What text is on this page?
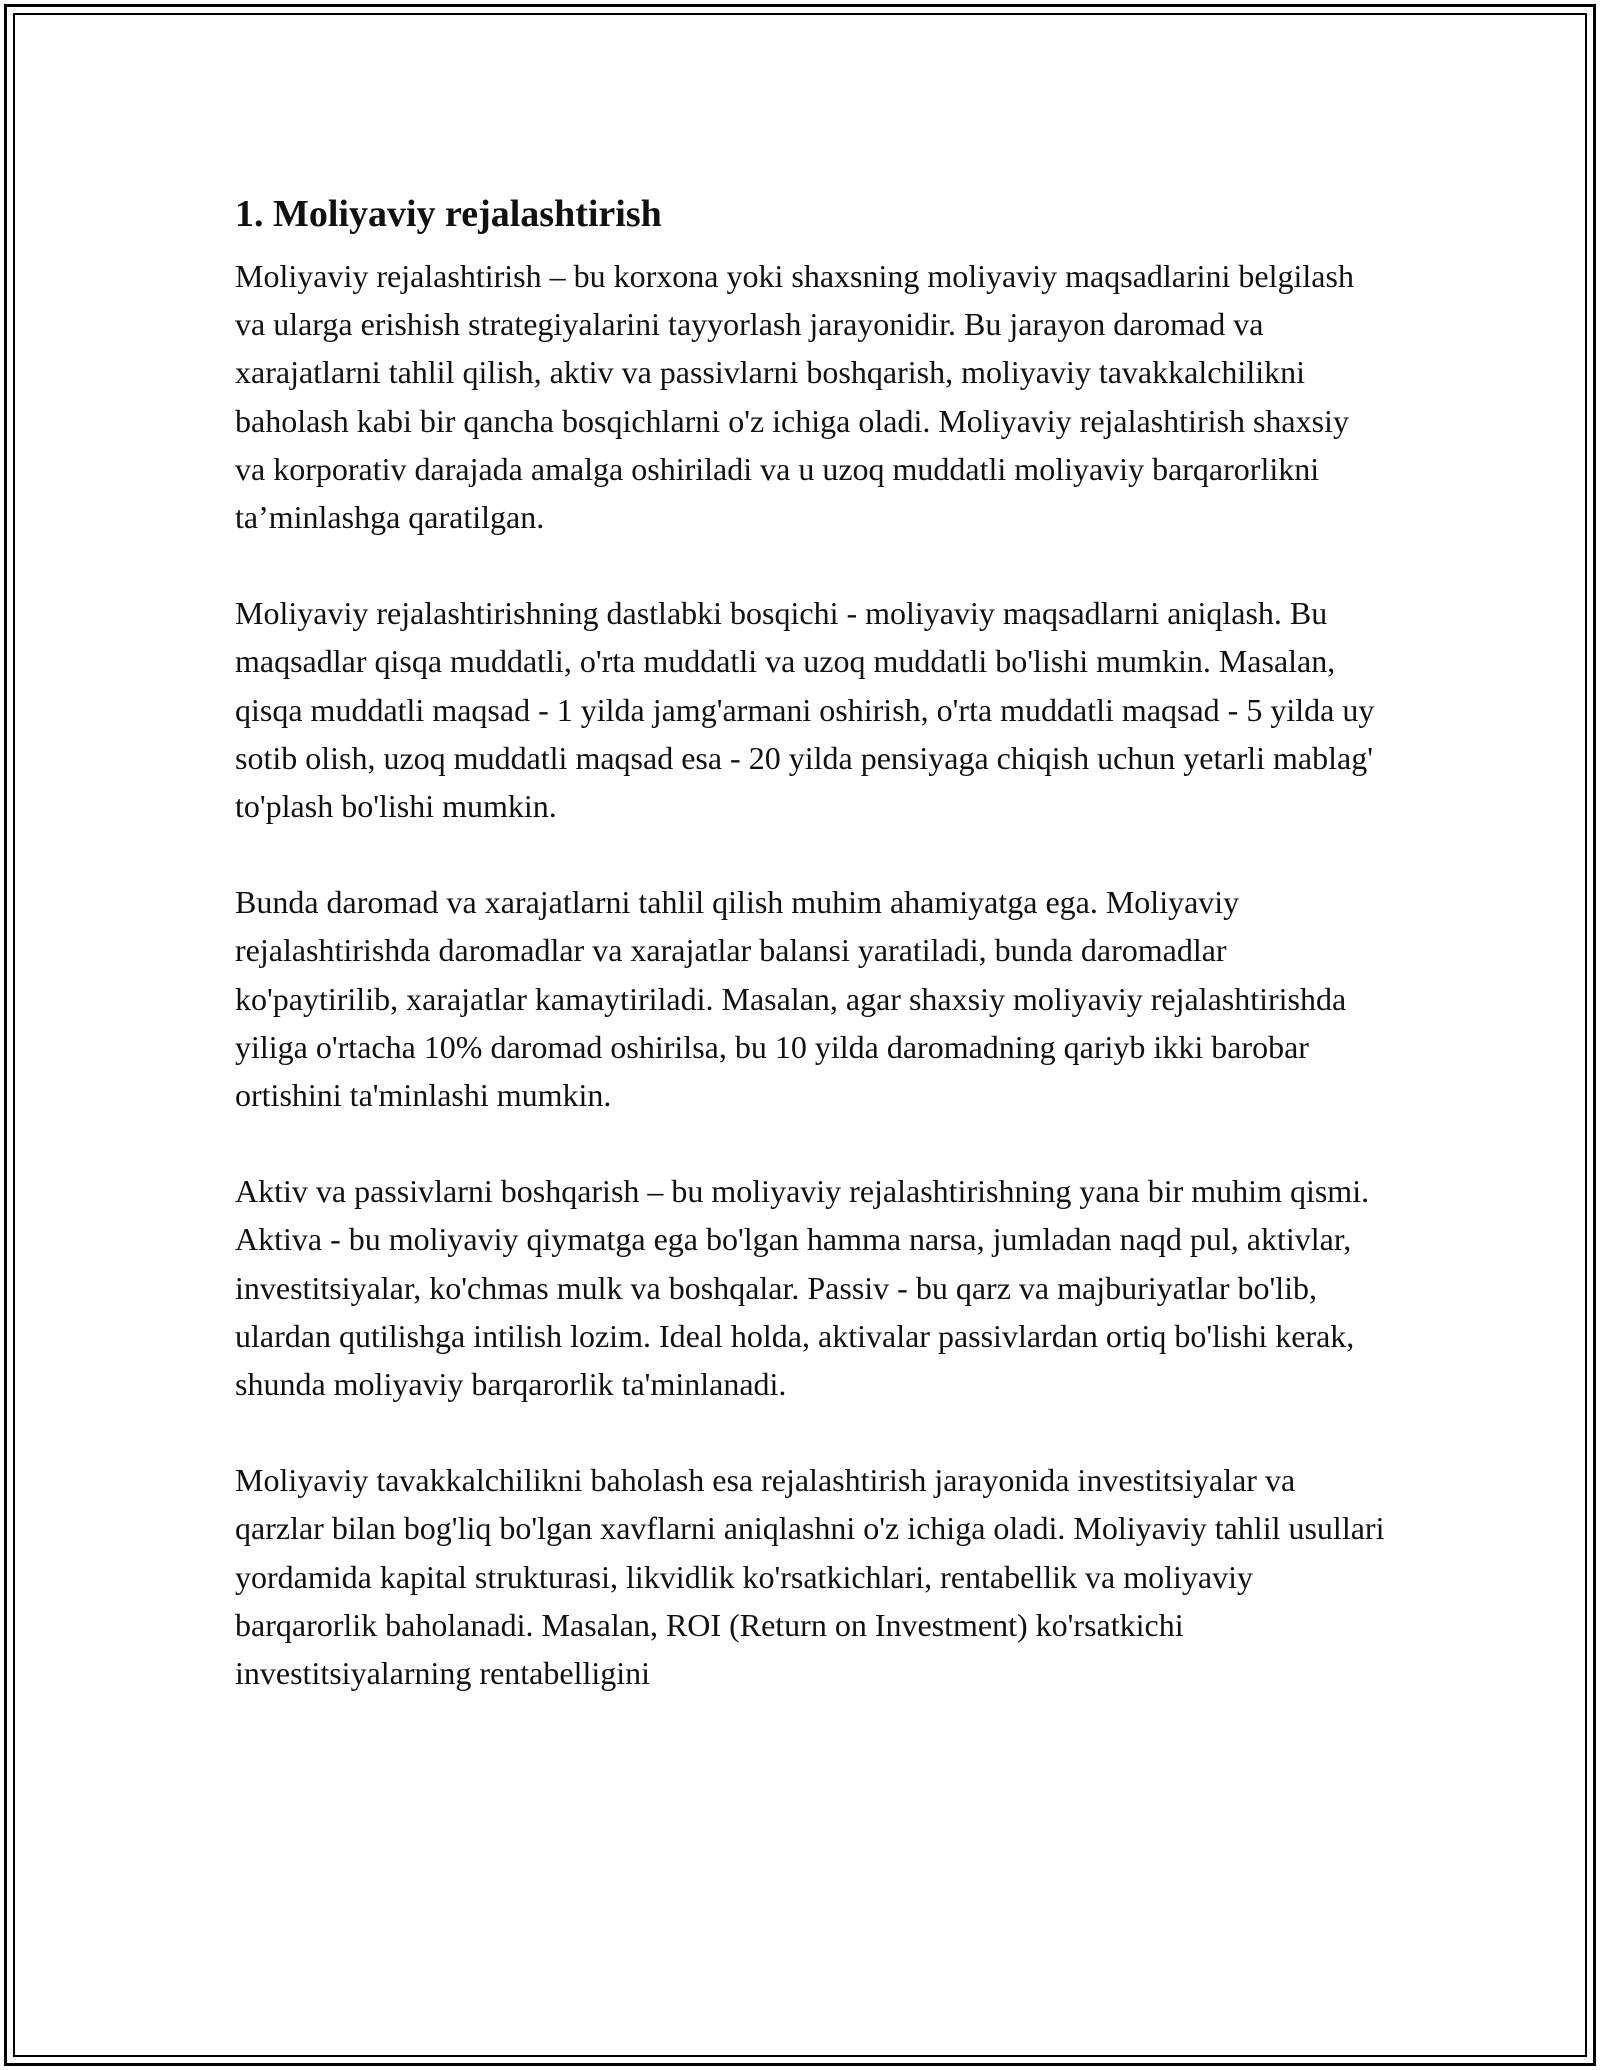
1. Moliyaviy rejalashtirish

Moliyaviy rejalashtirish – bu korxona yoki shaxsning moliyaviy maqsadlarini belgilash va ularga erishish strategiyalarini tayyorlash jarayonidir. Bu jarayon daromad va xarajatlarni tahlil qilish, aktiv va passivlarni boshqarish, moliyaviy tavakkalchilikni baholash kabi bir qancha bosqichlarni o'z ichiga oladi. Moliyaviy rejalashtirish shaxsiy va korporativ darajada amalga oshiriladi va u uzoq muddatli moliyaviy barqarorlikni ta’minlashga qaratilgan.

Moliyaviy rejalashtirishning dastlabki bosqichi - moliyaviy maqsadlarni aniqlash. Bu maqsadlar qisqa muddatli, o'rta muddatli va uzoq muddatli bo'lishi mumkin. Masalan, qisqa muddatli maqsad - 1 yilda jamg'armani oshirish, o'rta muddatli maqsad - 5 yilda uy sotib olish, uzoq muddatli maqsad esa - 20 yilda pensiyaga chiqish uchun yetarli mablag' to'plash bo'lishi mumkin.

Bunda daromad va xarajatlarni tahlil qilish muhim ahamiyatga ega. Moliyaviy rejalashtirishda daromadlar va xarajatlar balansi yaratiladi, bunda daromadlar ko'paytirilib, xarajatlar kamaytiriladi. Masalan, agar shaxsiy moliyaviy rejalashtirishda yiliga o'rtacha 10% daromad oshirilsa, bu 10 yilda daromadning qariyb ikki barobar ortishini ta'minlashi mumkin.

Aktiv va passivlarni boshqarish – bu moliyaviy rejalashtirishning yana bir muhim qismi. Aktiva - bu moliyaviy qiymatga ega bo'lgan hamma narsa, jumladan naqd pul, aktivlar, investitsiyalar, ko'chmas mulk va boshqalar. Passiv - bu qarz va majburiyatlar bo'lib, ulardan qutilishga intilish lozim. Ideal holda, aktivalar passivlardan ortiq bo'lishi kerak, shunda moliyaviy barqarorlik ta'minlanadi.

Moliyaviy tavakkalchilikni baholash esa rejalashtirish jarayonida investitsiyalar va qarzlar bilan bog'liq bo'lgan xavflarni aniqlashni o'z ichiga oladi. Moliyaviy tahlil usullari yordamida kapital strukturasi, likvidlik ko'rsatkichlari, rentabellik va moliyaviy barqarorlik baholanadi. Masalan, ROI (Return on Investment) ko'rsatkichi investitsiyalarning rentabelligini
